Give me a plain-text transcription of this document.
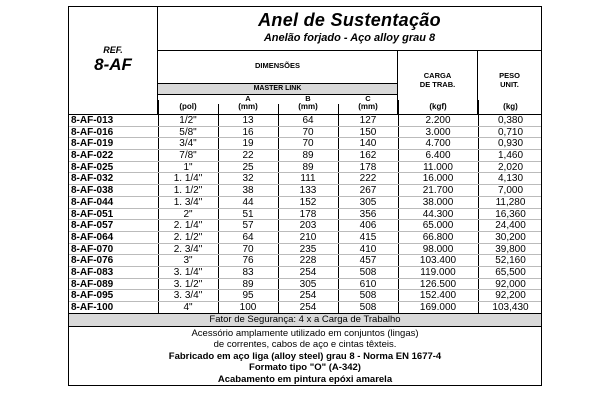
REF.
8-AF
Anel de Sustentação
Anelão forjado - Aço alloy grau 8
DIMENSÕES
MASTER LINK
A	B	C
CARGA
DE TRAB.
PESO
UNIT.
(pol)	(mm)	(mm)	(mm)	(kgf)	(kg)
8-AF-013	1/2"	13	64	127	2.200	0,380
8-AF-016	5/8"	16	70	150	3.000	0,710
8-AF-019	3/4"	19	70	140	4.700	0,930
8-AF-022	7/8"	22	89	162	6.400	1,460
8-AF-025	1"	25	89	178	11.000	2,020
8-AF-032	1. 1/4"	32	111	222	16.000	4,130
8-AF-038	1. 1/2"	38	133	267	21.700	7,000
8-AF-044	1. 3/4"	44	152	305	38.000	11,280
8-AF-051	2"	51	178	356	44.300	16,360
8-AF-057	2. 1/4"	57	203	406	65.000	24,400
8-AF-064	2. 1/2"	64	210	415	66.800	30,200
8-AF-070	2. 3/4"	70	235	410	98.000	39,800
8-AF-076	3"	76	228	457	103.400	52,160
8-AF-083	3. 1/4"	83	254	508	119.000	65,500
8-AF-089	3. 1/2"	89	305	610	126.500	92,000
8-AF-095	3. 3/4"	95	254	508	152.400	92,200
8-AF-100	4"	100	254	508	169.000	103,430
Fator de Segurança: 4 x a Carga de Trabalho
Acessório amplamente utilizado em conjuntos (lingas)
de correntes, cabos de aço e cintas têxteis.
Fabricado em aço liga (alloy steel) grau 8 - Norma EN 1677-4
Formato tipo "O" (A-342)
Acabamento em pintura epóxi amarela
